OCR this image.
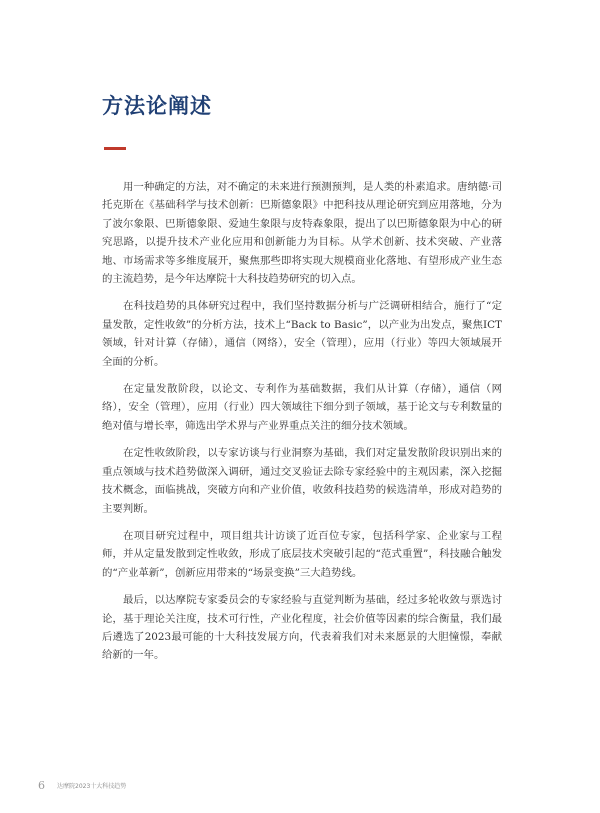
方法论阐述

用一种确定的方法，对不确定的未来进行预测预判，是人类的朴素追求。唐纳德·司托克斯在《基础科学与技术创新：巴斯德象限》中把科技从理论研究到应用落地，分为了波尔象限、巴斯德象限、爱迪生象限与皮特森象限，提出了以巴斯德象限为中心的研究思路，以提升技术产业化应用和创新能力为目标。从学术创新、技术突破、产业落地、市场需求等多维度展开，聚焦那些即将实现大规模商业化落地、有望形成产业生态的主流趋势，是今年达摩院十大科技趋势研究的切入点。

在科技趋势的具体研究过程中，我们坚持数据分析与广泛调研相结合，施行了“定量发散，定性收敛”的分析方法，技术上“Back to Basic”，以产业为出发点，聚焦ICT领域，针对计算（存储），通信（网络），安全（管理），应用（行业）等四大领域展开全面的分析。

在定量发散阶段，以论文、专利作为基础数据，我们从计算（存储），通信（网络），安全（管理），应用（行业）四大领域往下细分到子领域，基于论文与专利数量的绝对值与增长率，筛选出学术界与产业界重点关注的细分技术领域。

在定性收敛阶段，以专家访谈与行业洞察为基础，我们对定量发散阶段识别出来的重点领域与技术趋势做深入调研，通过交叉验证去除专家经验中的主观因素，深入挖掘技术概念，面临挑战，突破方向和产业价值，收敛科技趋势的候选清单，形成对趋势的主要判断。

在项目研究过程中，项目组共计访谈了近百位专家，包括科学家、企业家与工程师，并从定量发散到定性收敛，形成了底层技术突破引起的“范式重置”，科技融合触发的“产业革新”，创新应用带来的“场景变换”三大趋势线。

最后，以达摩院专家委员会的专家经验与直觉判断为基础，经过多轮收敛与票选讨论，基于理论关注度，技术可行性，产业化程度，社会价值等因素的综合衡量，我们最后遴选了2023最可能的十大科技发展方向，代表着我们对未来愿景的大胆憧憬，奉献给新的一年。

6 达摩院2023十大科技趋势
